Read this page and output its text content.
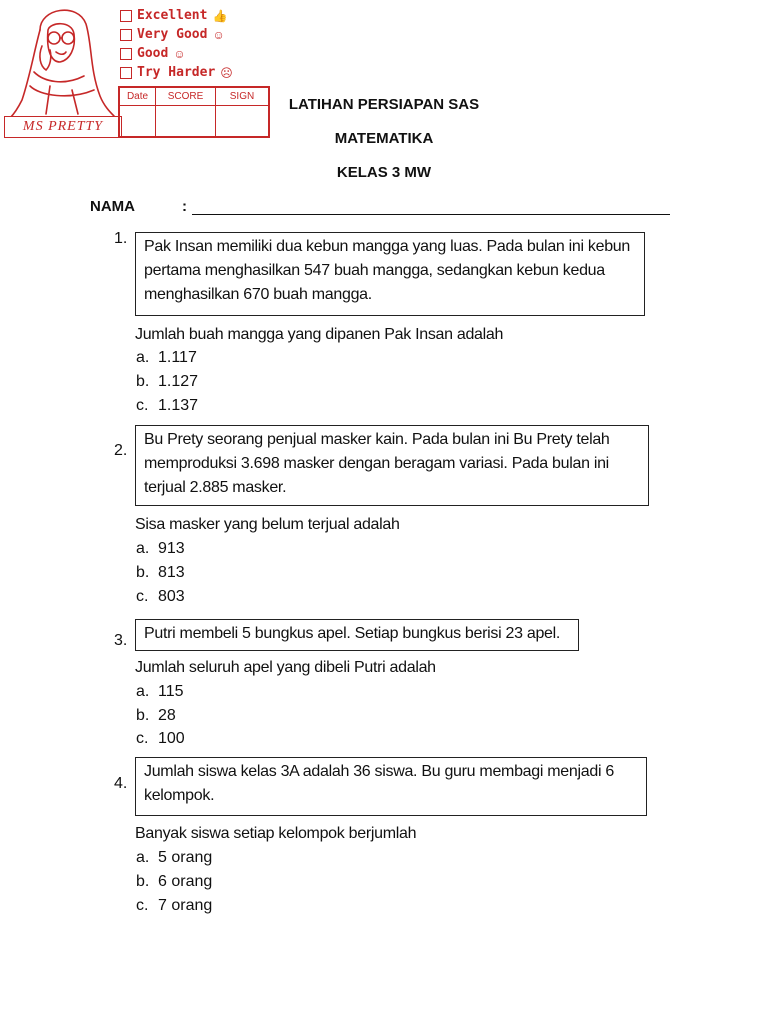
MS PRETTY
Excellent 👍
Very Good ☺
Good ☺
Try Harder ☹
Date	SCORE	SIGN	LATIHAN PERSIAPAN SAS
MATEMATIKA
KELAS 3 MW
NAMA	:
1. Pak Insan memiliki dua kebun mangga yang luas. Pada bulan ini kebun
pertama menghasilkan 547 buah mangga, sedangkan kebun kedua
menghasilkan 670 buah mangga.
Jumlah buah mangga yang dipanen Pak Insan adalah
a. 1.117
b. 1.127
c. 1.137
2.
Bu Prety seorang penjual masker kain. Pada bulan ini Bu Prety telah
memproduksi 3.698 masker dengan beragam variasi. Pada bulan ini
terjual 2.885 masker.
Sisa masker yang belum terjual adalah
a. 913
b. 813
c. 803
3. Putri membeli 5 bungkus apel. Setiap bungkus berisi 23 apel.
Jumlah seluruh apel yang dibeli Putri adalah
a. 115
b. 28
c. 100
4.
Jumlah siswa kelas 3A adalah 36 siswa. Bu guru membagi menjadi 6
kelompok.
Banyak siswa setiap kelompok berjumlah
a. 5 orang
b. 6 orang
c. 7 orang
